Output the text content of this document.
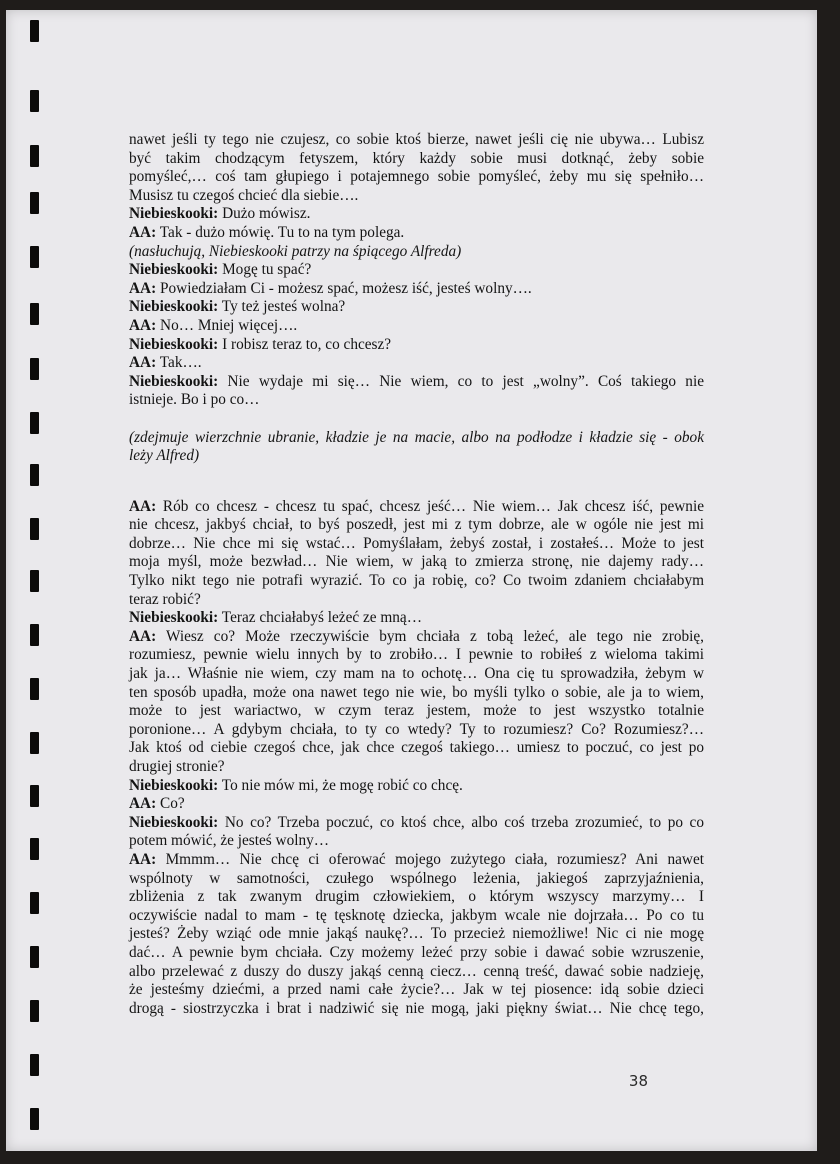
nawet jeśli ty tego nie czujesz, co sobie ktoś bierze, nawet jeśli cię nie ubywa… Lubisz
być takim chodzącym fetyszem, który każdy sobie musi dotknąć, żeby sobie
pomyśleć,… coś tam głupiego i potajemnego sobie pomyśleć, żeby mu się spełniło…
Musisz tu czegoś chcieć dla siebie….
Niebieskooki: Dużo mówisz.
AA: Tak - dużo mówię. Tu to na tym polega.
(nasłuchują, Niebieskooki patrzy na śpiącego Alfreda)
Niebieskooki: Mogę tu spać?
AA: Powiedziałam Ci - możesz spać, możesz iść, jesteś wolny….
Niebieskooki: Ty też jesteś wolna?
AA: No… Mniej więcej….
Niebieskooki: I robisz teraz to, co chcesz?
AA: Tak….
Niebieskooki: Nie wydaje mi się… Nie wiem, co to jest „wolny”. Coś takiego nie
istnieje. Bo i po co…
(zdejmuje wierzchnie ubranie, kładzie je na macie, albo na podłodze i kładzie się - obok
leży Alfred)
AA: Rób co chcesz - chcesz tu spać, chcesz jeść… Nie wiem… Jak chcesz iść, pewnie
nie chcesz, jakbyś chciał, to byś poszedł, jest mi z tym dobrze, ale w ogóle nie jest mi
dobrze… Nie chce mi się wstać… Pomyślałam, żebyś został, i zostałeś… Może to jest
moja myśl, może bezwład… Nie wiem, w jaką to zmierza stronę, nie dajemy rady…
Tylko nikt tego nie potrafi wyrazić. To co ja robię, co? Co twoim zdaniem chciałabym
teraz robić?
Niebieskooki: Teraz chciałabyś leżeć ze mną…
AA: Wiesz co? Może rzeczywiście bym chciała z tobą leżeć, ale tego nie zrobię,
rozumiesz, pewnie wielu innych by to zrobiło… I pewnie to robiłeś z wieloma takimi
jak ja… Właśnie nie wiem, czy mam na to ochotę… Ona cię tu sprowadziła, żebym w
ten sposób upadła, może ona nawet tego nie wie, bo myśli tylko o sobie, ale ja to wiem,
może to jest wariactwo, w czym teraz jestem, może to jest wszystko totalnie
poronione… A gdybym chciała, to ty co wtedy? Ty to rozumiesz? Co? Rozumiesz?…
Jak ktoś od ciebie czegoś chce, jak chce czegoś takiego… umiesz to poczuć, co jest po
drugiej stronie?
Niebieskooki: To nie mów mi, że mogę robić co chcę.
AA: Co?
Niebieskooki: No co? Trzeba poczuć, co ktoś chce, albo coś trzeba zrozumieć, to po co
potem mówić, że jesteś wolny…
AA: Mmmm… Nie chcę ci oferować mojego zużytego ciała, rozumiesz? Ani nawet
wspólnoty w samotności, czułego wspólnego leżenia, jakiegoś zaprzyjaźnienia,
zbliżenia z tak zwanym drugim człowiekiem, o którym wszyscy marzymy… I
oczywiście nadal to mam - tę tęsknotę dziecka, jakbym wcale nie dojrzała… Po co tu
jesteś? Żeby wziąć ode mnie jakąś naukę?… To przecież niemożliwe! Nic ci nie mogę
dać… A pewnie bym chciała. Czy możemy leżeć przy sobie i dawać sobie wzruszenie,
albo przelewać z duszy do duszy jakąś cenną ciecz… cenną treść, dawać sobie nadzieję,
że jesteśmy dziećmi, a przed nami całe życie?… Jak w tej piosence: idą sobie dzieci
drogą - siostrzyczka i brat i nadziwić się nie mogą, jaki piękny świat… Nie chcę tego,
38
